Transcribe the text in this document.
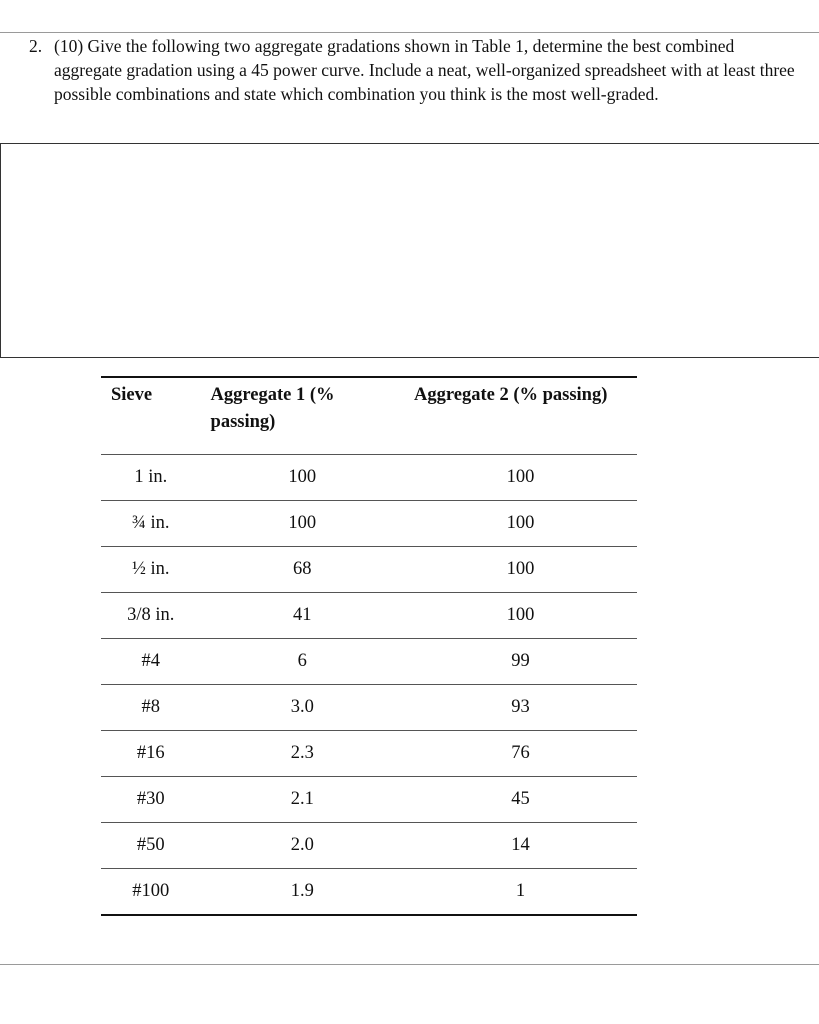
2. (10) Give the following two aggregate gradations shown in Table 1, determine the best combined aggregate gradation using a 45 power curve. Include a neat, well-organized spreadsheet with at least three possible combinations and state which combination you think is the most well-graded.
Sieve	Aggregate 1 (% passing)	Aggregate 2 (% passing)
1 in.	100	100
¾ in.	100	100
½ in.	68	100
3/8 in.	41	100
#4	6	99
#8	3.0	93
#16	2.3	76
#30	2.1	45
#50	2.0	14
#100	1.9	1
